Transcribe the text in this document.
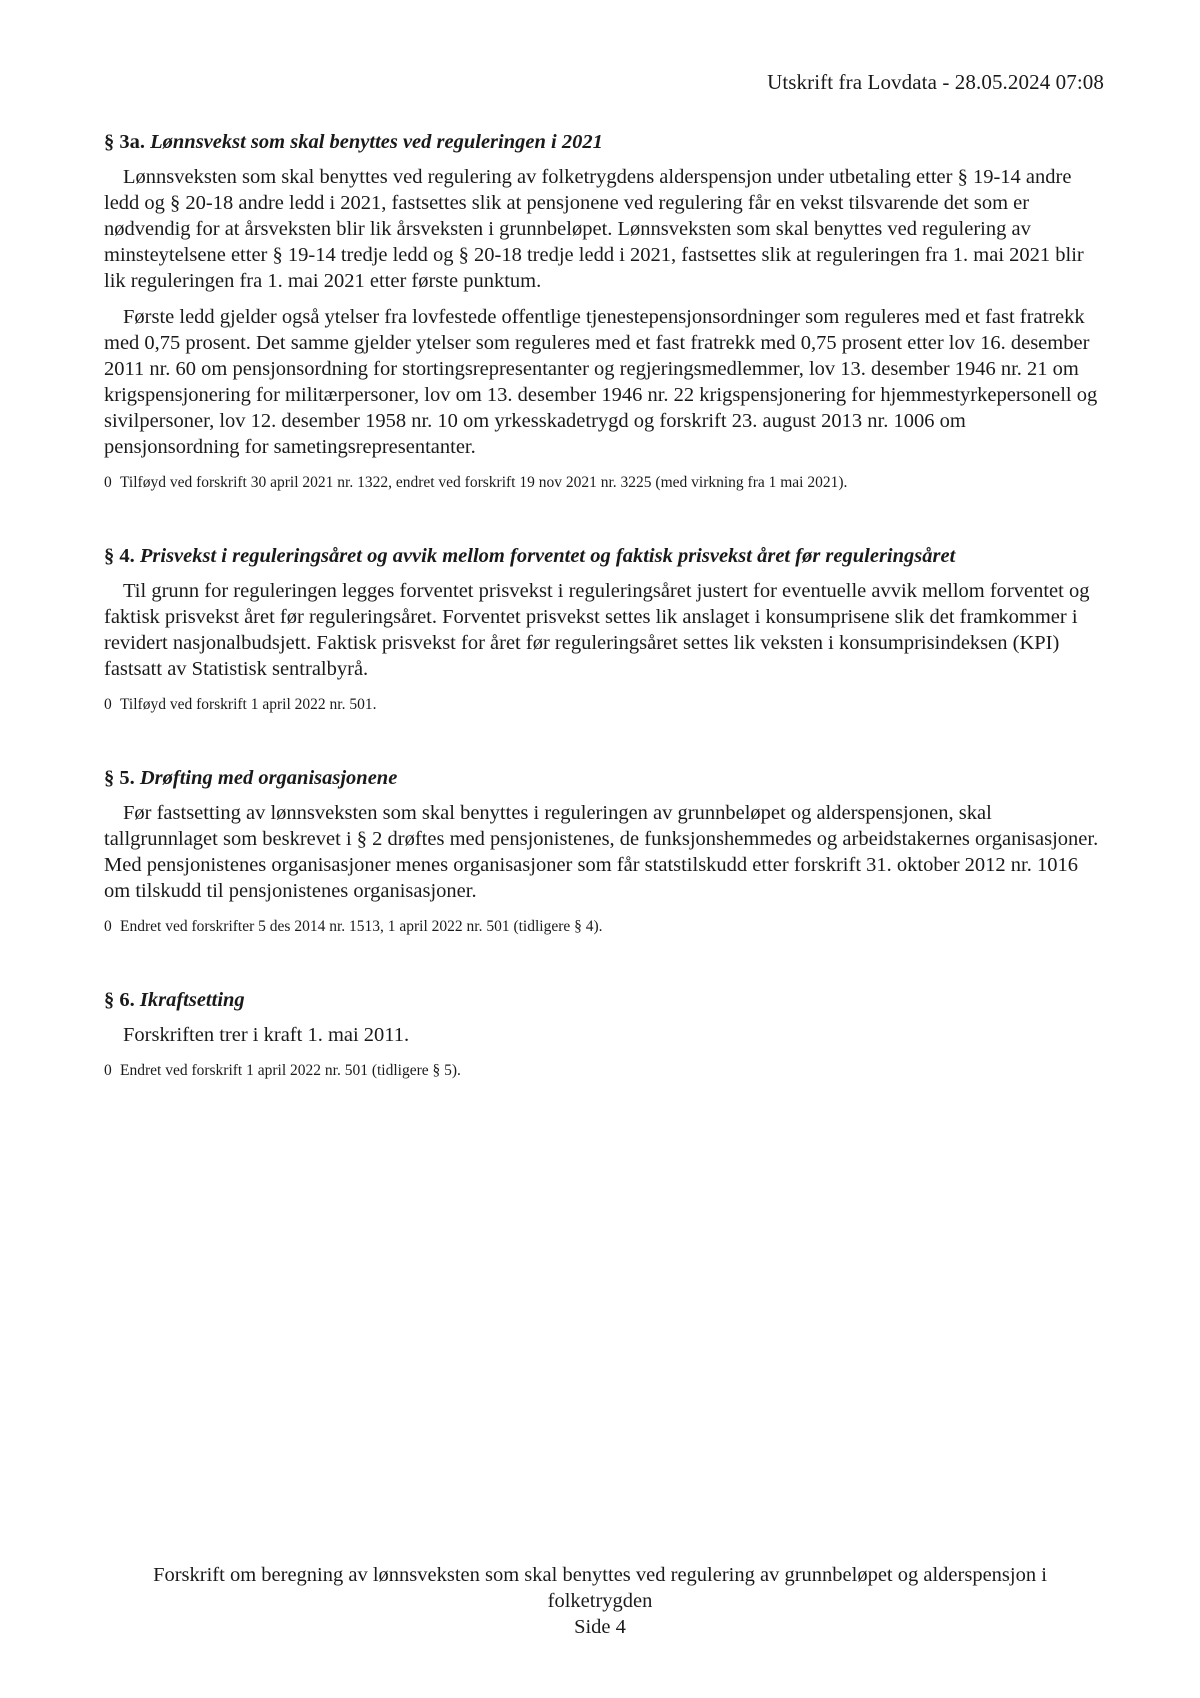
Utskrift fra Lovdata - 28.05.2024 07:08
§ 3a. Lønnsvekst som skal benyttes ved reguleringen i 2021

Lønnsveksten som skal benyttes ved regulering av folketrygdens alderspensjon under utbetaling etter § 19-14 andre ledd og § 20-18 andre ledd i 2021, fastsettes slik at pensjonene ved regulering får en vekst tilsvarende det som er nødvendig for at årsveksten blir lik årsveksten i grunnbeløpet. Lønnsveksten som skal benyttes ved regulering av minsteytelsene etter § 19-14 tredje ledd og § 20-18 tredje ledd i 2021, fastsettes slik at reguleringen fra 1. mai 2021 blir lik reguleringen fra 1. mai 2021 etter første punktum.

Første ledd gjelder også ytelser fra lovfestede offentlige tjenestepensjonsordninger som reguleres med et fast fratrekk med 0,75 prosent. Det samme gjelder ytelser som reguleres med et fast fratrekk med 0,75 prosent etter lov 16. desember 2011 nr. 60 om pensjonsordning for stortingsrepresentanter og regjeringsmedlemmer, lov 13. desember 1946 nr. 21 om krigspensjonering for militærpersoner, lov om 13. desember 1946 nr. 22 krigspensjonering for hjemmestyrkepersonell og sivilpersoner, lov 12. desember 1958 nr. 10 om yrkesskadetrygd og forskrift 23. august 2013 nr. 1006 om pensjonsordning for sametingsrepresentanter.

0 Tilføyd ved forskrift 30 april 2021 nr. 1322, endret ved forskrift 19 nov 2021 nr. 3225 (med virkning fra 1 mai 2021).
§ 4. Prisvekst i reguleringsåret og avvik mellom forventet og faktisk prisvekst året før reguleringsåret

Til grunn for reguleringen legges forventet prisvekst i reguleringsåret justert for eventuelle avvik mellom forventet og faktisk prisvekst året før reguleringsåret. Forventet prisvekst settes lik anslaget i konsumprisene slik det framkommer i revidert nasjonalbudsjett. Faktisk prisvekst for året før reguleringsåret settes lik veksten i konsumprisindeksen (KPI) fastsatt av Statistisk sentralbyrå.

0 Tilføyd ved forskrift 1 april 2022 nr. 501.
§ 5. Drøfting med organisasjonene

Før fastsetting av lønnsveksten som skal benyttes i reguleringen av grunnbeløpet og alderspensjonen, skal tallgrunnlaget som beskrevet i § 2 drøftes med pensjonistenes, de funksjonshemmedes og arbeidstakernes organisasjoner. Med pensjonistenes organisasjoner menes organisasjoner som får statstilskudd etter forskrift 31. oktober 2012 nr. 1016 om tilskudd til pensjonistenes organisasjoner.

0 Endret ved forskrifter 5 des 2014 nr. 1513, 1 april 2022 nr. 501 (tidligere § 4).
§ 6. Ikraftsetting

Forskriften trer i kraft 1. mai 2011.

0 Endret ved forskrift 1 april 2022 nr. 501 (tidligere § 5).
Forskrift om beregning av lønnsveksten som skal benyttes ved regulering av grunnbeløpet og alderspensjon i
folketrygden
Side 4
